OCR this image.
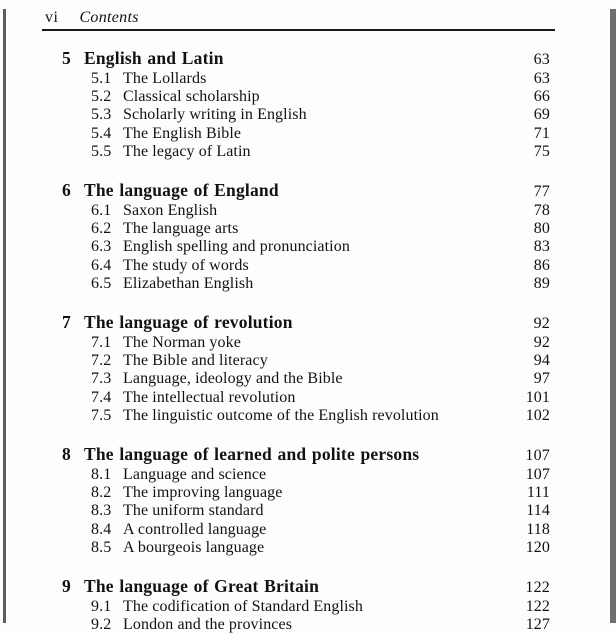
vi Contents
5 English and Latin	63
5.1 The Lollards	63
5.2 Classical scholarship	66
5.3 Scholarly writing in English	69
5.4 The English Bible	71
5.5 The legacy of Latin	75
6 The language of England	77
6.1 Saxon English	78
6.2 The language arts	80
6.3 English spelling and pronunciation	83
6.4 The study of words	86
6.5 Elizabethan English	89
7 The language of revolution	92
7.1 The Norman yoke	92
7.2 The Bible and literacy	94
7.3 Language, ideology and the Bible	97
7.4 The intellectual revolution	101
7.5 The linguistic outcome of the English revolution	102
8 The language of learned and polite persons	107
8.1 Language and science	107
8.2 The improving language	111
8.3 The uniform standard	114
8.4 A controlled language	118
8.5 A bourgeois language	120
9 The language of Great Britain	122
9.1 The codification of Standard English	122
9.2 London and the provinces	127
